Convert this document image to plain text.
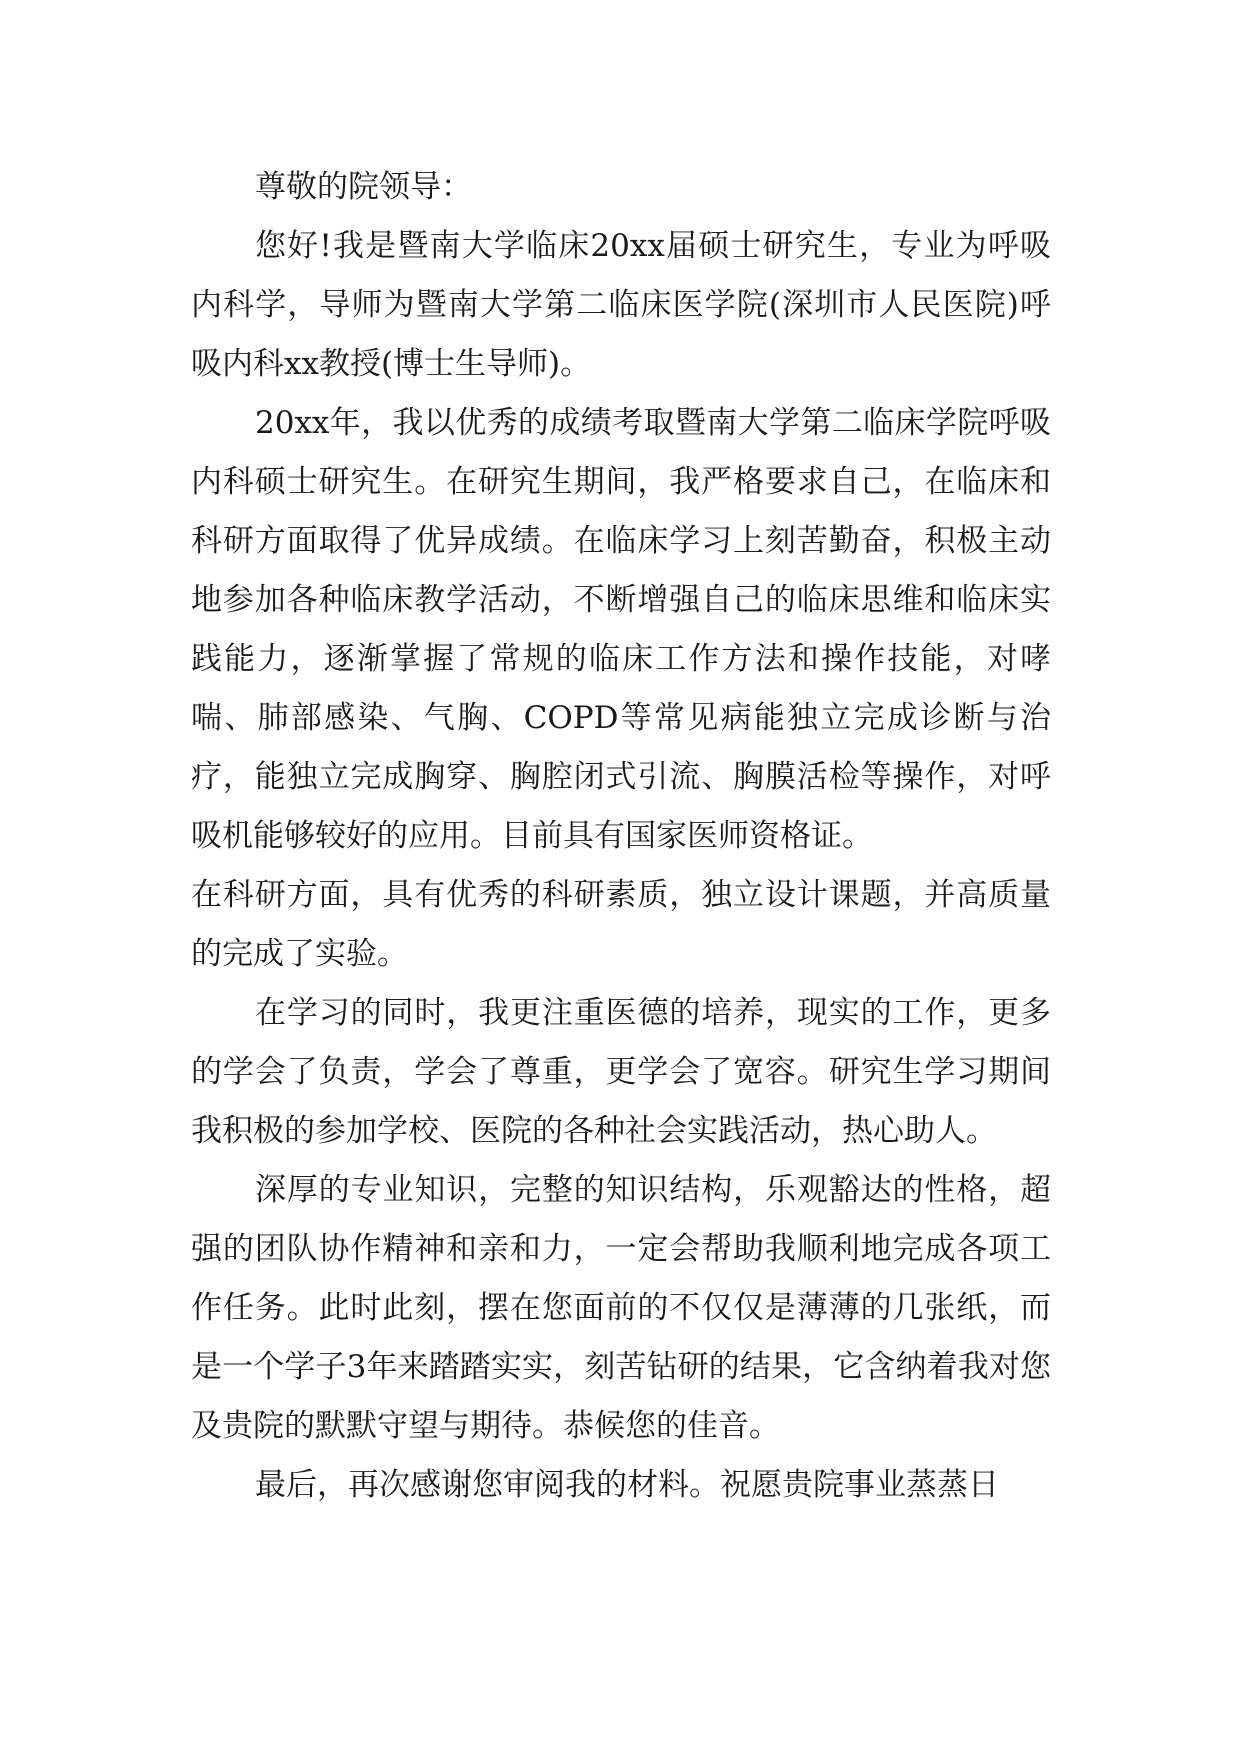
尊敬的院领导：

您好!我是暨南大学临床20xx届硕士研究生，专业为呼吸内科学，导师为暨南大学第二临床医学院(深圳市人民医院)呼吸内科xx教授(博士生导师)。

20xx年，我以优秀的成绩考取暨南大学第二临床学院呼吸内科硕士研究生。在研究生期间，我严格要求自己，在临床和科研方面取得了优异成绩。在临床学习上刻苦勤奋，积极主动地参加各种临床教学活动，不断增强自己的临床思维和临床实践能力，逐渐掌握了常规的临床工作方法和操作技能，对哮喘、肺部感染、气胸、COPD等常见病能独立完成诊断与治疗，能独立完成胸穿、胸腔闭式引流、胸膜活检等操作，对呼吸机能够较好的应用。目前具有国家医师资格证。

在科研方面，具有优秀的科研素质，独立设计课题，并高质量的完成了实验。

在学习的同时，我更注重医德的培养，现实的工作，更多的学会了负责，学会了尊重，更学会了宽容。研究生学习期间我积极的参加学校、医院的各种社会实践活动，热心助人。

深厚的专业知识，完整的知识结构，乐观豁达的性格，超强的团队协作精神和亲和力，一定会帮助我顺利地完成各项工作任务。此时此刻，摆在您面前的不仅仅是薄薄的几张纸，而是一个学子3年来踏踏实实，刻苦钻研的结果，它含纳着我对您及贵院的默默守望与期待。恭候您的佳音。

最后，再次感谢您审阅我的材料。祝愿贵院事业蒸蒸日
